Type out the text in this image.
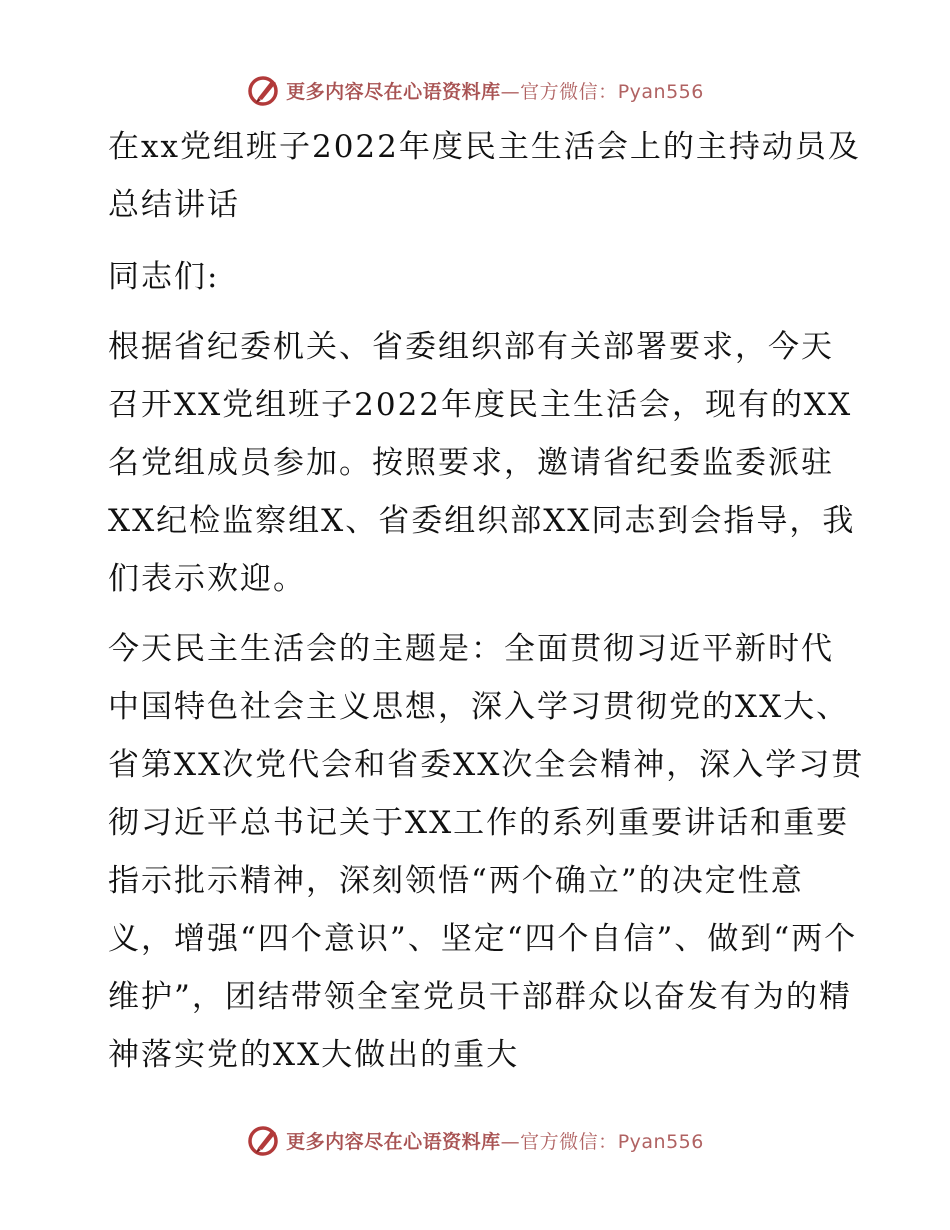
更多内容尽在心语资料库—官方微信：Pyan556

在xx党组班子2022年度民主生活会上的主持动员及总结讲话

同志们:

根据省纪委机关、省委组织部有关部署要求，今天召开XX党组班子2022年度民主生活会，现有的XX名党组成员参加。按照要求，邀请省纪委监委派驻XX纪检监察组X、省委组织部XX同志到会指导，我们表示欢迎。

今天民主生活会的主题是：全面贯彻习近平新时代中国特色社会主义思想，深入学习贯彻党的XX大、省第XX次党代会和省委XX次全会精神，深入学习贯彻习近平总书记关于XX工作的系列重要讲话和重要指示批示精神，深刻领悟“两个确立”的决定性意义，增强“四个意识”、坚定“四个自信”、做到“两个维护”，团结带领全室党员干部群众以奋发有为的精神落实党的XX大做出的重大

更多内容尽在心语资料库—官方微信：Pyan556
